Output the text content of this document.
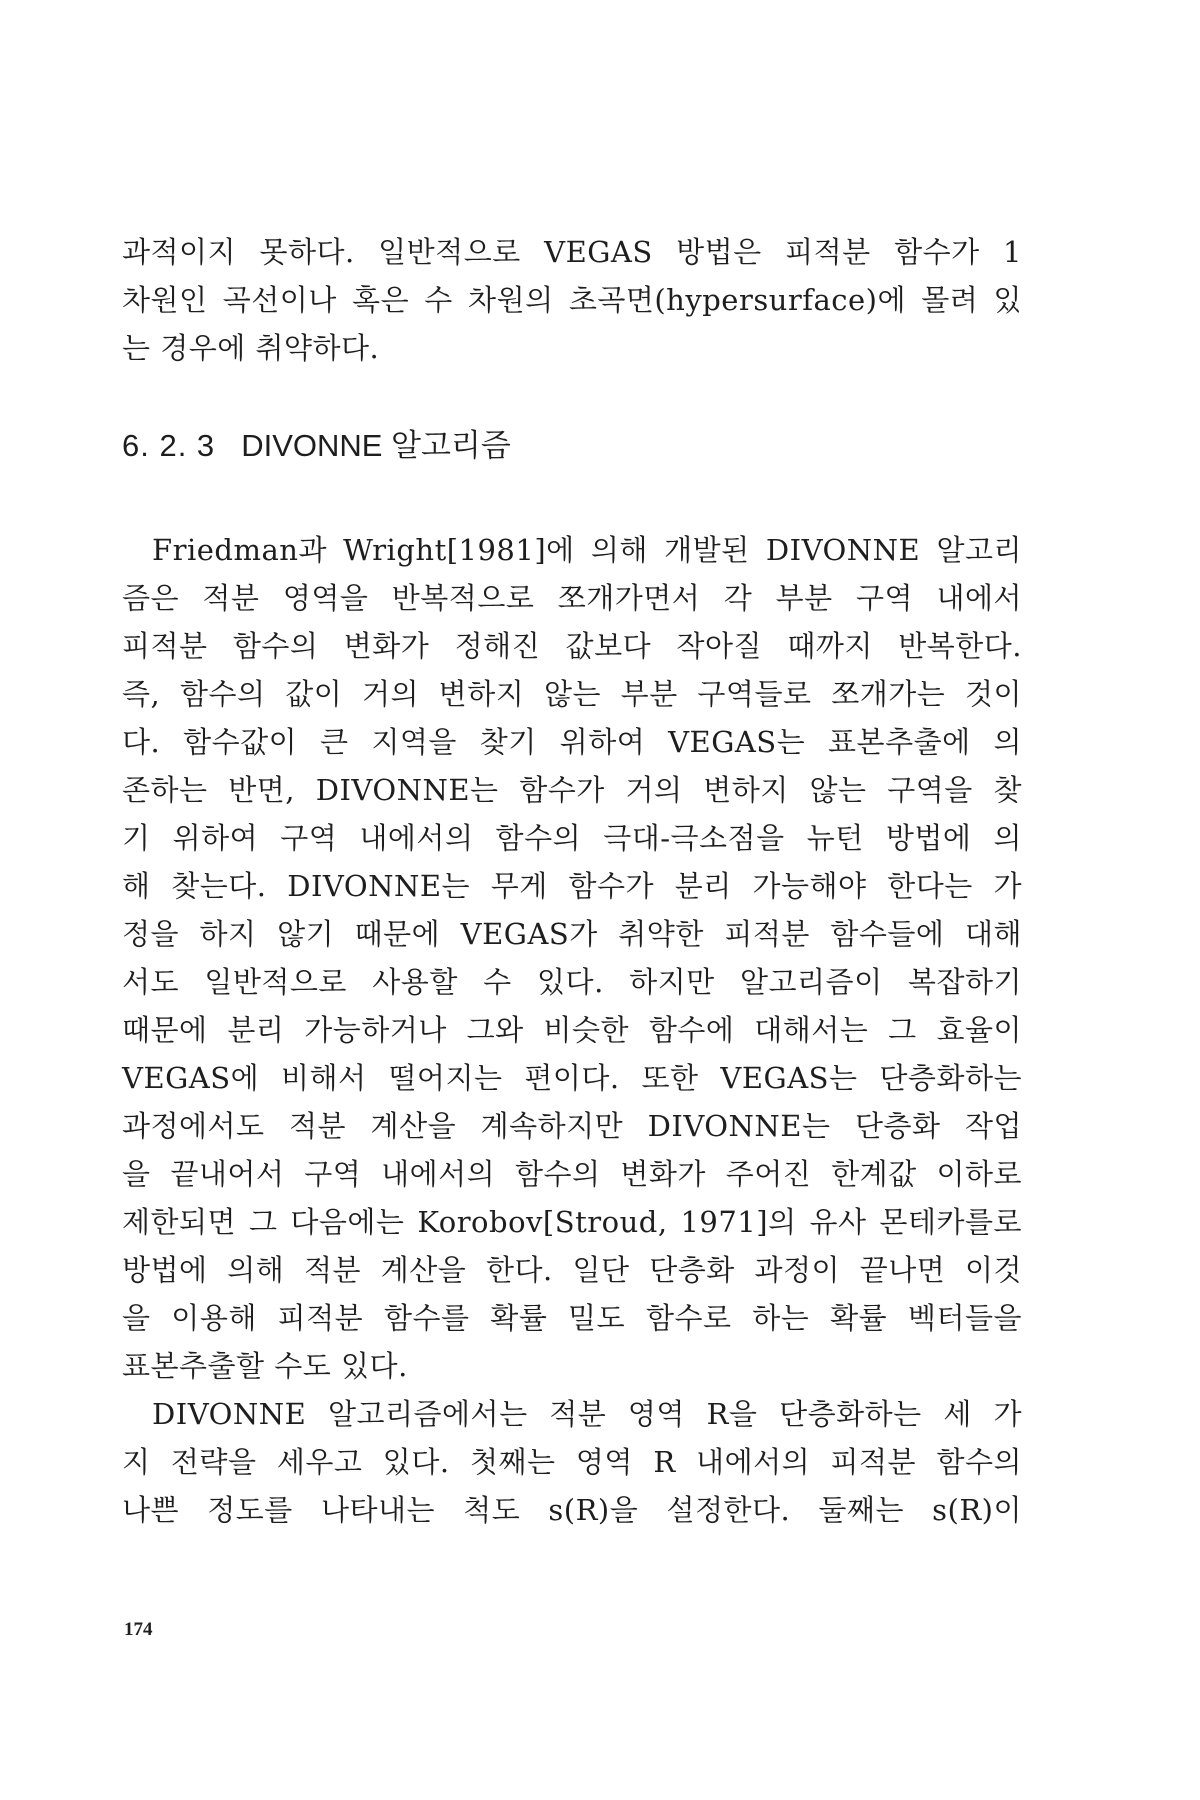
과적이지 못하다. 일반적으로 VEGAS 방법은 피적분 함수가 1
차원인 곡선이나 혹은 수 차원의 초곡면(hypersurface)에 몰려 있
는 경우에 취약하다.
6. 2. 3 DIVONNE 알고리즘
Friedman과 Wright[1981]에 의해 개발된 DIVONNE 알고리
즘은 적분 영역을 반복적으로 쪼개가면서 각 부분 구역 내에서
피적분 함수의 변화가 정해진 값보다 작아질 때까지 반복한다.
즉, 함수의 값이 거의 변하지 않는 부분 구역들로 쪼개가는 것이
다. 함수값이 큰 지역을 찾기 위하여 VEGAS는 표본추출에 의
존하는 반면, DIVONNE는 함수가 거의 변하지 않는 구역을 찾
기 위하여 구역 내에서의 함수의 극대-극소점을 뉴턴 방법에 의
해 찾는다. DIVONNE는 무게 함수가 분리 가능해야 한다는 가
정을 하지 않기 때문에 VEGAS가 취약한 피적분 함수들에 대해
서도 일반적으로 사용할 수 있다. 하지만 알고리즘이 복잡하기
때문에 분리 가능하거나 그와 비슷한 함수에 대해서는 그 효율이
VEGAS에 비해서 떨어지는 편이다. 또한 VEGAS는 단층화하는
과정에서도 적분 계산을 계속하지만 DIVONNE는 단층화 작업
을 끝내어서 구역 내에서의 함수의 변화가 주어진 한계값 이하로
제한되면 그 다음에는 Korobov[Stroud, 1971]의 유사 몬테카를로
방법에 의해 적분 계산을 한다. 일단 단층화 과정이 끝나면 이것
을 이용해 피적분 함수를 확률 밀도 함수로 하는 확률 벡터들을
표본추출할 수도 있다.
DIVONNE 알고리즘에서는 적분 영역 R을 단층화하는 세 가
지 전략을 세우고 있다. 첫째는 영역 R 내에서의 피적분 함수의
나쁜 정도를 나타내는 척도 s(R)을 설정한다. 둘째는 s(R)이
174
